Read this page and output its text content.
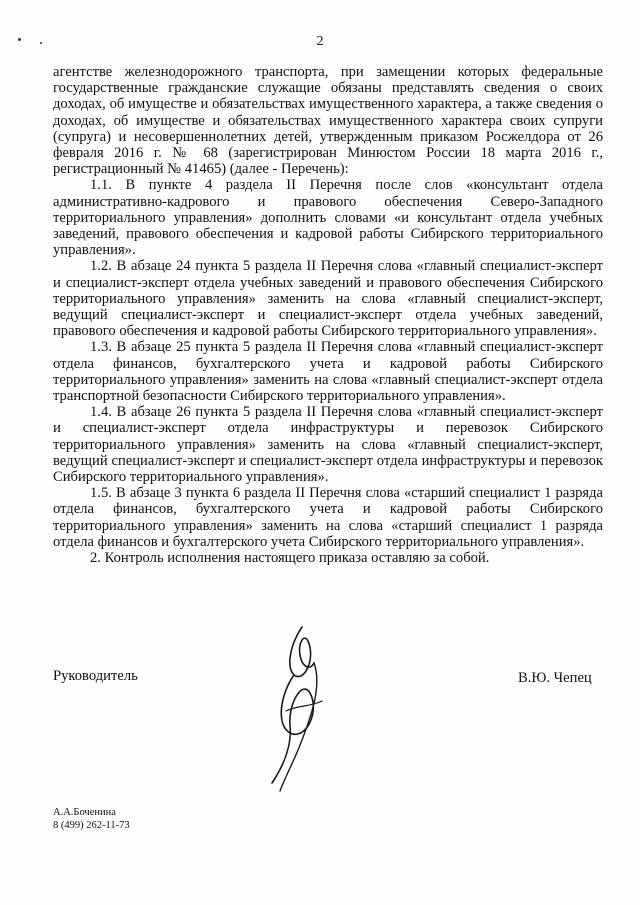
2

агентстве железнодорожного транспорта, при замещении которых федеральные государственные гражданские служащие обязаны представлять сведения о своих доходах, об имуществе и обязательствах имущественного характера, а также сведения о доходах, об имуществе и обязательствах имущественного характера своих супруги (супруга) и несовершеннолетних детей, утвержденным приказом Росжелдора от 26 февраля 2016 г. № 68 (зарегистрирован Минюстом России 18 марта 2016 г., регистрационный № 41465) (далее - Перечень):

1.1. В пункте 4 раздела II Перечня после слов «консультант отдела административно-кадрового и правового обеспечения Северо-Западного территориального управления» дополнить словами «и консультант отдела учебных заведений, правового обеспечения и кадровой работы Сибирского территориального управления».

1.2. В абзаце 24 пункта 5 раздела II Перечня слова «главный специалист-эксперт и специалист-эксперт отдела учебных заведений и правового обеспечения Сибирского территориального управления» заменить на слова «главный специалист-эксперт, ведущий специалист-эксперт и специалист-эксперт отдела учебных заведений, правового обеспечения и кадровой работы Сибирского территориального управления».

1.3. В абзаце 25 пункта 5 раздела II Перечня слова «главный специалист-эксперт отдела финансов, бухгалтерского учета и кадровой работы Сибирского территориального управления» заменить на слова «главный специалист-эксперт отдела транспортной безопасности Сибирского территориального управления».

1.4. В абзаце 26 пункта 5 раздела II Перечня слова «главный специалист-эксперт и специалист-эксперт отдела инфраструктуры и перевозок Сибирского территориального управления» заменить на слова «главный специалист-эксперт, ведущий специалист-эксперт и специалист-эксперт отдела инфраструктуры и перевозок Сибирского территориального управления».

1.5. В абзаце 3 пункта 6 раздела II Перечня слова «старший специалист 1 разряда отдела финансов, бухгалтерского учета и кадровой работы Сибирского территориального управления» заменить на слова «старший специалист 1 разряда отдела финансов и бухгалтерского учета Сибирского территориального управления».

2. Контроль исполнения настоящего приказа оставляю за собой.

Руководитель	В.Ю. Чепец
А.А.Боченина
8 (499) 262-11-73
